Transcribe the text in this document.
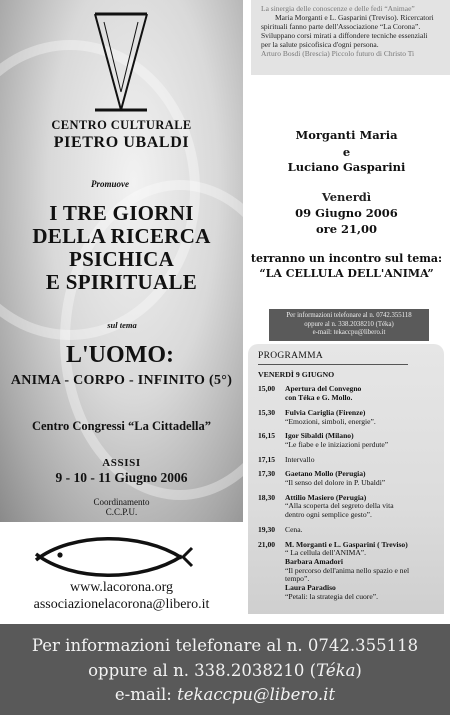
CENTRO CULTURALE
PIETRO UBALDI
Promuove
I TRE GIORNI
DELLA RICERCA
PSICHICA
E SPIRITUALE
sul tema
L'UOMO:
ANIMA - CORPO - INFINITO (5°)
Centro Congressi “La Cittadella”
ASSISI
9 - 10 - 11 Giugno 2006
Coordinamento
C.C.P.U.
www.lacorona.org
associazionelacorona@libero.it
La sinergia delle conoscenze e delle fedi “Animae”
Maria Morganti e L. Gasparini (Treviso). Ricercatori
spirituali fanno parte dell'Associazione “La Corona”.
Sviluppano corsi mirati a diffondere tecniche essenziali
per la salute psicofisica d'ogni persona.
Arturo Bosdi (Brescia) Piccolo futuro di Christo Ti
Morganti Maria
e
Luciano Gasparini
Venerdì
09 Giugno 2006
ore 21,00
terranno un incontro sul tema:
“LA CELLULA DELL'ANIMA”
Per informazioni telefonare al n. 0742.355118
oppure al n. 338.2038210 (Téka)
e-mail: tekaccpu@libero.it
PROGRAMMA
VENERDÌ 9 GIUGNO
15,00	Apertura del Convegno
con Téka e G. Mollo.
15,30	Fulvia Cariglia (Firenze)
“Emozioni, simboli, energie”.
16,15	Igor Sibaldi (Milano)
“Le fiabe e le iniziazioni perdute”
17,15	Intervallo
17,30	Gaetano Mollo (Perugia)
“Il senso del dolore in P. Ubaldi”
18,30	Attilio Masiero (Perugia)
“Alla scoperta del segreto della vita
dentro ogni semplice gesto”.
19,30	Cena.
21,00	M. Morganti e L. Gasparini ( Treviso)
“ La cellula dell'ANIMA”.
Barbara Amadori
“Il percorso dell'anima nello spazio e nel tempo”.
Laura Paradiso
“Petali: la strategia del cuore”.
Per informazioni telefonare al n. 0742.355118
oppure al n. 338.2038210 (Téka)
e-mail: tekaccpu@libero.it
